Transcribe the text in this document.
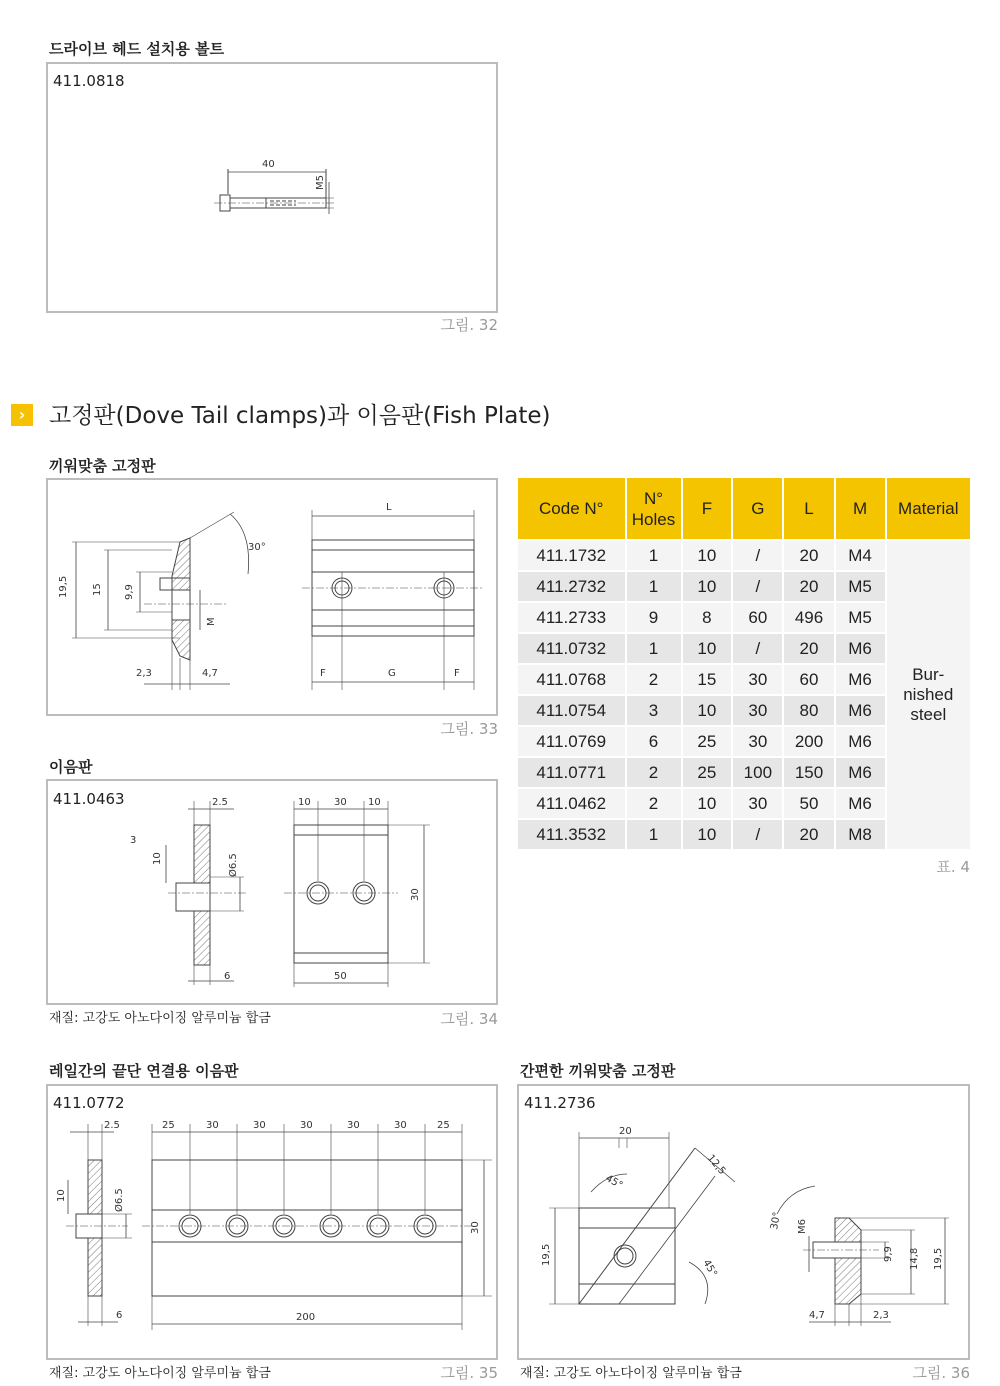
드라이브 헤드 설치용 볼트
411.0818
40
M5
그림. 32
›	고정판(Dove Tail clamps)과 이음판(Fish Plate)
끼워맞춤 고정판
19,5 15 9,9
M
30°
2,3	4,7
L
F	G	F
그림. 33
Code N°	N° Holes	F	G	L	M	Material
411.1732	1	10	/	20	M4	Bur-
nished
steel

411.2732	1	10	/	20	M5	
411.2733	9	8	60	496	M5	
411.0732	1	10	/	20	M6	
411.0768	2	15	30	60	M6	
411.0754	3	10	30	80	M6	
411.0769	6	25	30	200	M6	
411.0771	2	25	100	150	M6	
411.0462	2	10	30	50	M6	
411.3532	1	10	/	20	M8	
표. 4
이음판
411.0463	2.5
3
10	Ø6.5
6
10 30 10
30
50
재질: 고강도 아노다이징 알루미늄 합금	그림. 34
레일간의 끝단 연결용 이음판
411.0772
2.5
10	Ø6.5
6
25	30	30	30	30	30	25
30
200
재질: 고강도 아노다이징 알루미늄 합금	그림. 35
간편한 끼워맞춤 고정판
411.2736
20
12,5
45°
45°
19,5
30° M6
9,9 14,8 19,5
4,7	2,3
재질: 고강도 아노다이징 알루미늄 합금	그림. 36
